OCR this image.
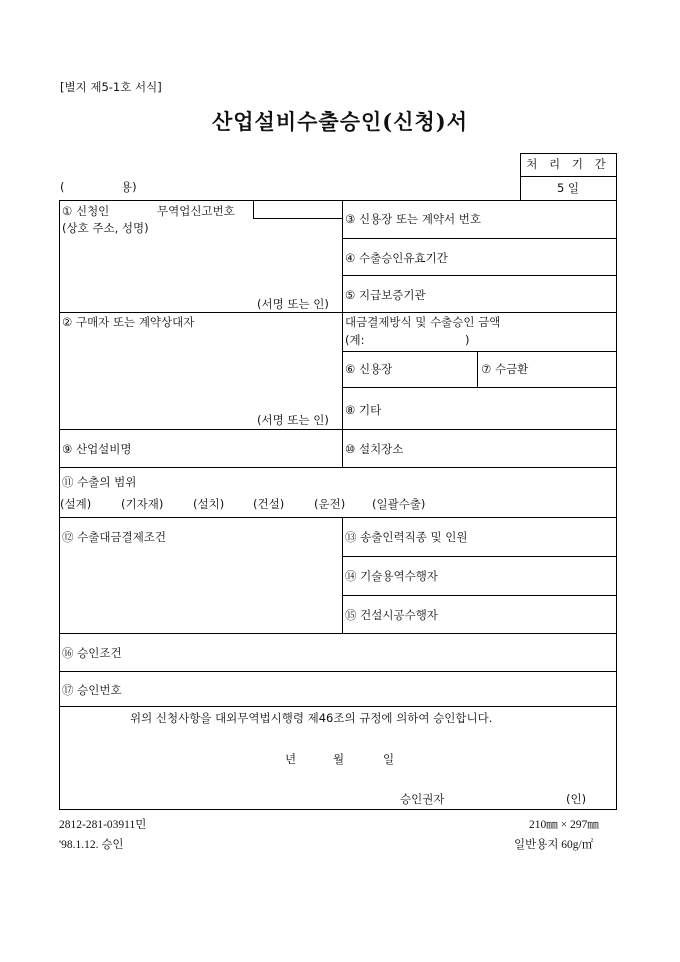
[별지 제5-1호 서식]
산업설비수출승인(신청)서
(	용)
처 리 기 간
5 일
① 신청인	무역업신고번호
(상호 주소, 성명)
(서명 또는 인)
③ 신용장 또는 계약서 번호
④ 수출승인유효기간
⑤ 지급보증기관
② 구매자 또는 계약상대자
(서명 또는 인)
대금결제방식 및 수출승인 금액
(계:	)
⑥ 신용장	⑦ 수금환
⑧ 기타
⑨ 산업설비명	⑩ 설치장소
⑪ 수출의 범위
(설계)	(기자재)	(설치)	(건설)	(운전) (일괄수출)
⑫ 수출대금결제조건	⑬ 송출인력직종 및 인원
⑭ 기술용역수행자
⑮ 건설시공수행자
⑯ 승인조건
⑰ 승인번호
위의 신청사항을 대외무역법시행령 제46조의 규정에 의하여 승인합니다.
년	월	일
승인권자	(인)
2812-281-03911민
'98.1.12. 승인
210㎜ × 297㎜
일반용지 60g/㎡
